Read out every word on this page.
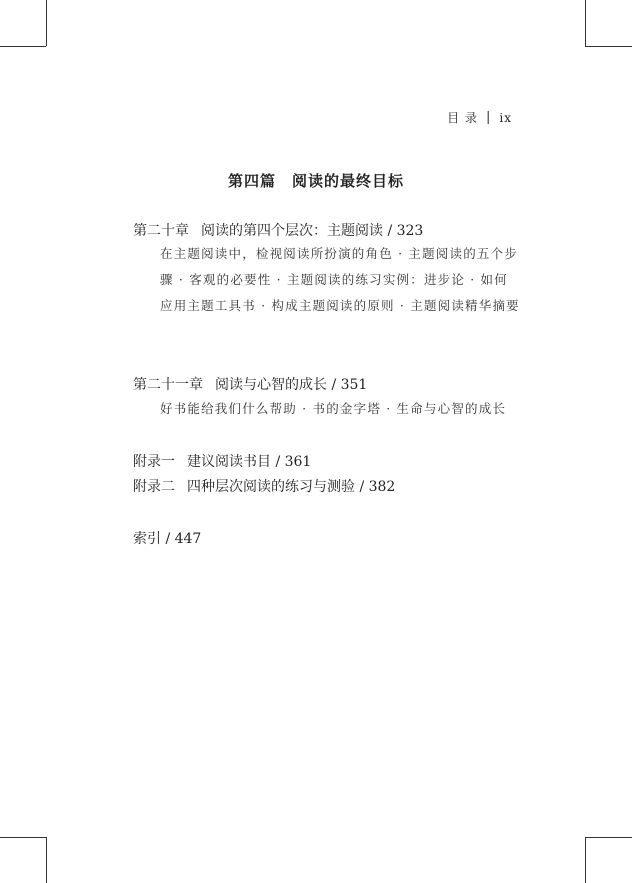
目 录 | ix
第四篇 阅读的最终目标
第二十章 阅读的第四个层次：主题阅读 / 323
在主题阅读中，检视阅读所扮演的角色 · 主题阅读的五个步骤 · 客观的必要性 · 主题阅读的练习实例：进步论 · 如何应用主题工具书 · 构成主题阅读的原则 · 主题阅读精华摘要
第二十一章 阅读与心智的成长 / 351
好书能给我们什么帮助 · 书的金字塔 · 生命与心智的成长
附录一 建议阅读书目 / 361
附录二 四种层次阅读的练习与测验 / 382
索引 / 447
